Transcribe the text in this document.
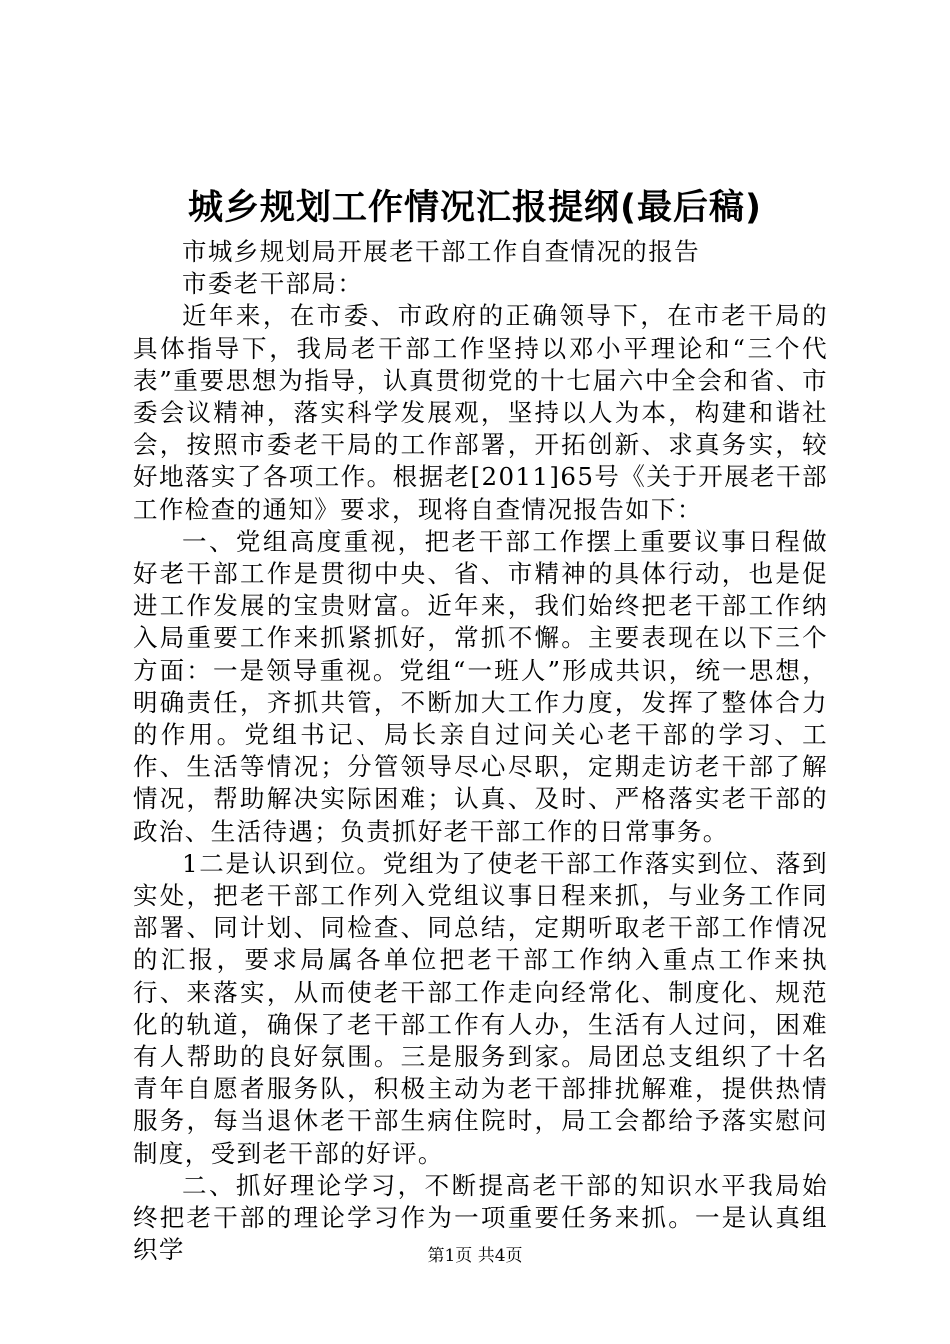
城乡规划工作情况汇报提纲(最后稿)

市城乡规划局开展老干部工作自查情况的报告

市委老干部局：

近年来，在市委、市政府的正确领导下，在市老干局的具体指导下，我局老干部工作坚持以邓小平理论和“三个代表”重要思想为指导，认真贯彻党的十七届六中全会和省、市委会议精神，落实科学发展观，坚持以人为本，构建和谐社会，按照市委老干局的工作部署，开拓创新、求真务实，较好地落实了各项工作。根据老[2011]65号《关于开展老干部工作检查的通知》要求，现将自查情况报告如下：

一、党组高度重视，把老干部工作摆上重要议事日程做好老干部工作是贯彻中央、省、市精神的具体行动，也是促进工作发展的宝贵财富。近年来，我们始终把老干部工作纳入局重要工作来抓紧抓好，常抓不懈。主要表现在以下三个方面：一是领导重视。党组“一班人”形成共识，统一思想，明确责任，齐抓共管，不断加大工作力度，发挥了整体合力的作用。党组书记、局长亲自过问关心老干部的学习、工作、生活等情况；分管领导尽心尽职，定期走访老干部了解情况，帮助解决实际困难；认真、及时、严格落实老干部的政治、生活待遇；负责抓好老干部工作的日常事务。

1二是认识到位。党组为了使老干部工作落实到位、落到实处，把老干部工作列入党组议事日程来抓，与业务工作同部署、同计划、同检查、同总结，定期听取老干部工作情况的汇报，要求局属各单位把老干部工作纳入重点工作来执行、来落实，从而使老干部工作走向经常化、制度化、规范化的轨道，确保了老干部工作有人办，生活有人过问，困难有人帮助的良好氛围。三是服务到家。局团总支组织了十名青年自愿者服务队，积极主动为老干部排扰解难，提供热情服务，每当退休老干部生病住院时，局工会都给予落实慰问制度，受到老干部的好评。

二、抓好理论学习，不断提高老干部的知识水平我局始终把老干部的理论学习作为一项重要任务来抓。一是认真组织学	第1页 共4页
